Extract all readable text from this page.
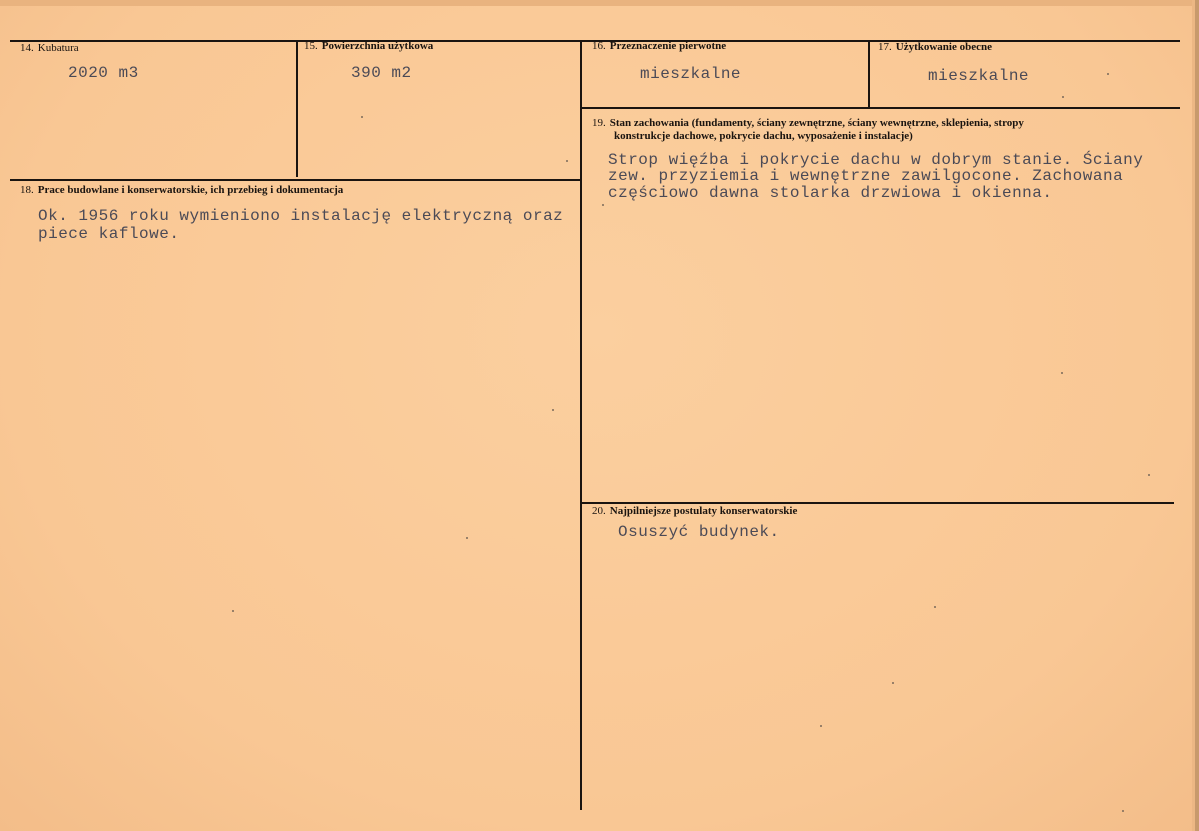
14. Kubatura
2020 m3
15. Powierzchnia użytkowa
390 m2
16. Przeznaczenie pierwotne
mieszkalne
17. Użytkowanie obecne
mieszkalne
18. Prace budowlane i konserwatorskie, ich przebieg i dokumentacja
Ok. 1956 roku wymieniono instalację elektryczną oraz
piece kaflowe.
19. Stan zachowania (fundamenty, ściany zewnętrzne, ściany wewnętrzne, sklepienia, stropy
konstrukcje dachowe, pokrycie dachu, wyposażenie i instalacje)
Strop więźba i pokrycie dachu w dobrym stanie. Ściany
zew. przyziemia i wewnętrzne zawilgocone. Zachowana
częściowo dawna stolarka drzwiowa i okienna.
20. Najpilniejsze postulaty konserwatorskie
Osuszyć budynek.
